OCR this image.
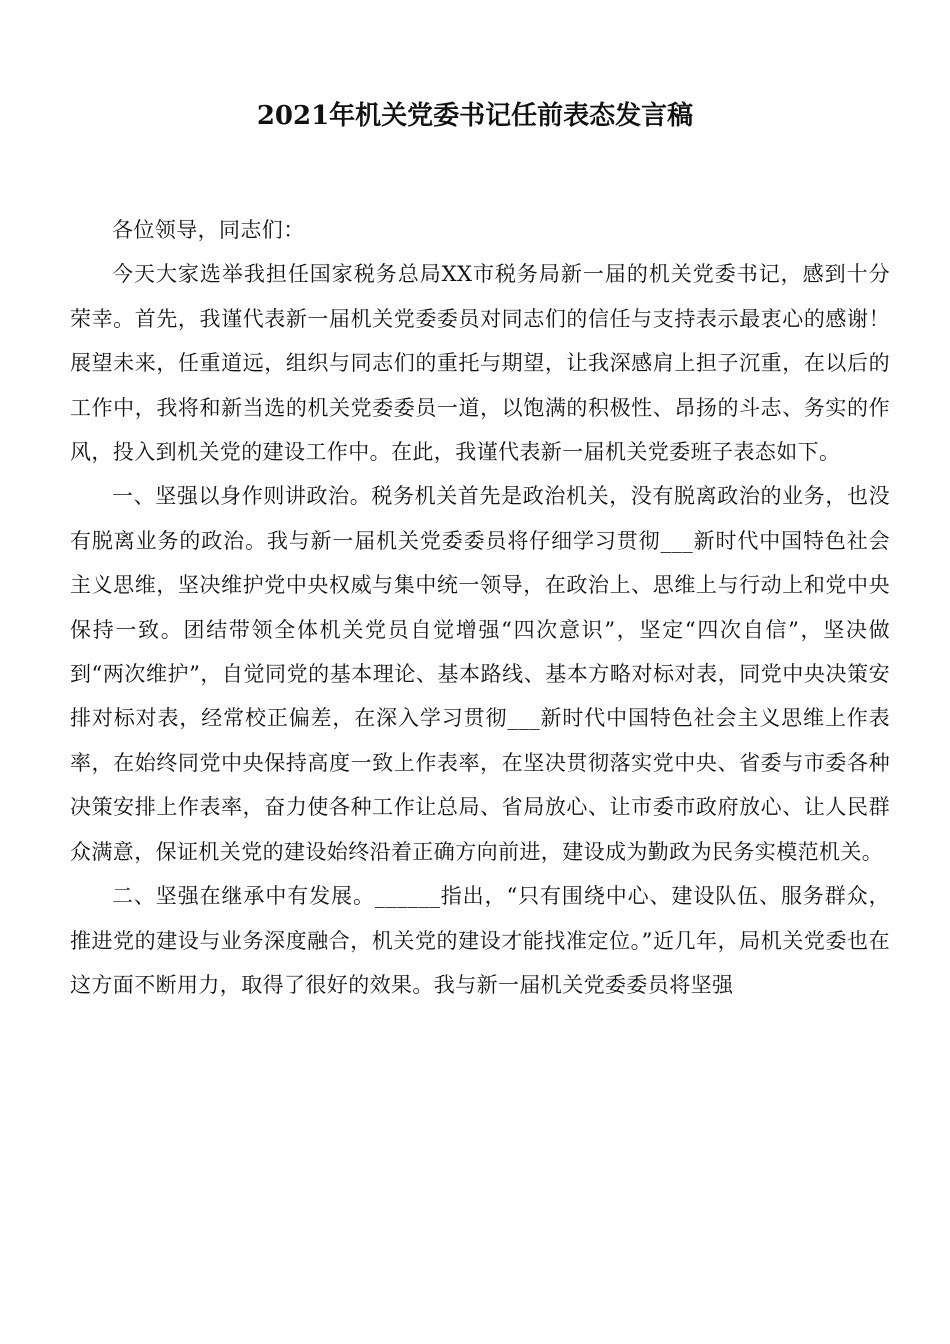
2021年机关党委书记任前表态发言稿

各位领导，同志们：

今天大家选举我担任国家税务总局XX市税务局新一届的机关党委书记，感到十分荣幸。首先，我谨代表新一届机关党委委员对同志们的信任与支持表示最衷心的感谢！展望未来，任重道远，组织与同志们的重托与期望，让我深感肩上担子沉重，在以后的工作中，我将和新当选的机关党委委员一道，以饱满的积极性、昂扬的斗志、务实的作风，投入到机关党的建设工作中。在此，我谨代表新一届机关党委班子表态如下。

一、坚强以身作则讲政治。税务机关首先是政治机关，没有脱离政治的业务，也没有脱离业务的政治。我与新一届机关党委委员将仔细学习贯彻___新时代中国特色社会主义思维，坚决维护党中央权威与集中统一领导，在政治上、思维上与行动上和党中央保持一致。团结带领全体机关党员自觉增强“四次意识”，坚定“四次自信”，坚决做到“两次维护”，自觉同党的基本理论、基本路线、基本方略对标对表，同党中央决策安排对标对表，经常校正偏差，在深入学习贯彻___新时代中国特色社会主义思维上作表率，在始终同党中央保持高度一致上作表率，在坚决贯彻落实党中央、省委与市委各种决策安排上作表率，奋力使各种工作让总局、省局放心、让市委市政府放心、让人民群众满意，保证机关党的建设始终沿着正确方向前进，建设成为勤政为民务实模范机关。

二、坚强在继承中有发展。______指出，“只有围绕中心、建设队伍、服务群众，推进党的建设与业务深度融合，机关党的建设才能找准定位。”近几年，局机关党委也在这方面不断用力，取得了很好的效果。我与新一届机关党委委员将坚强
